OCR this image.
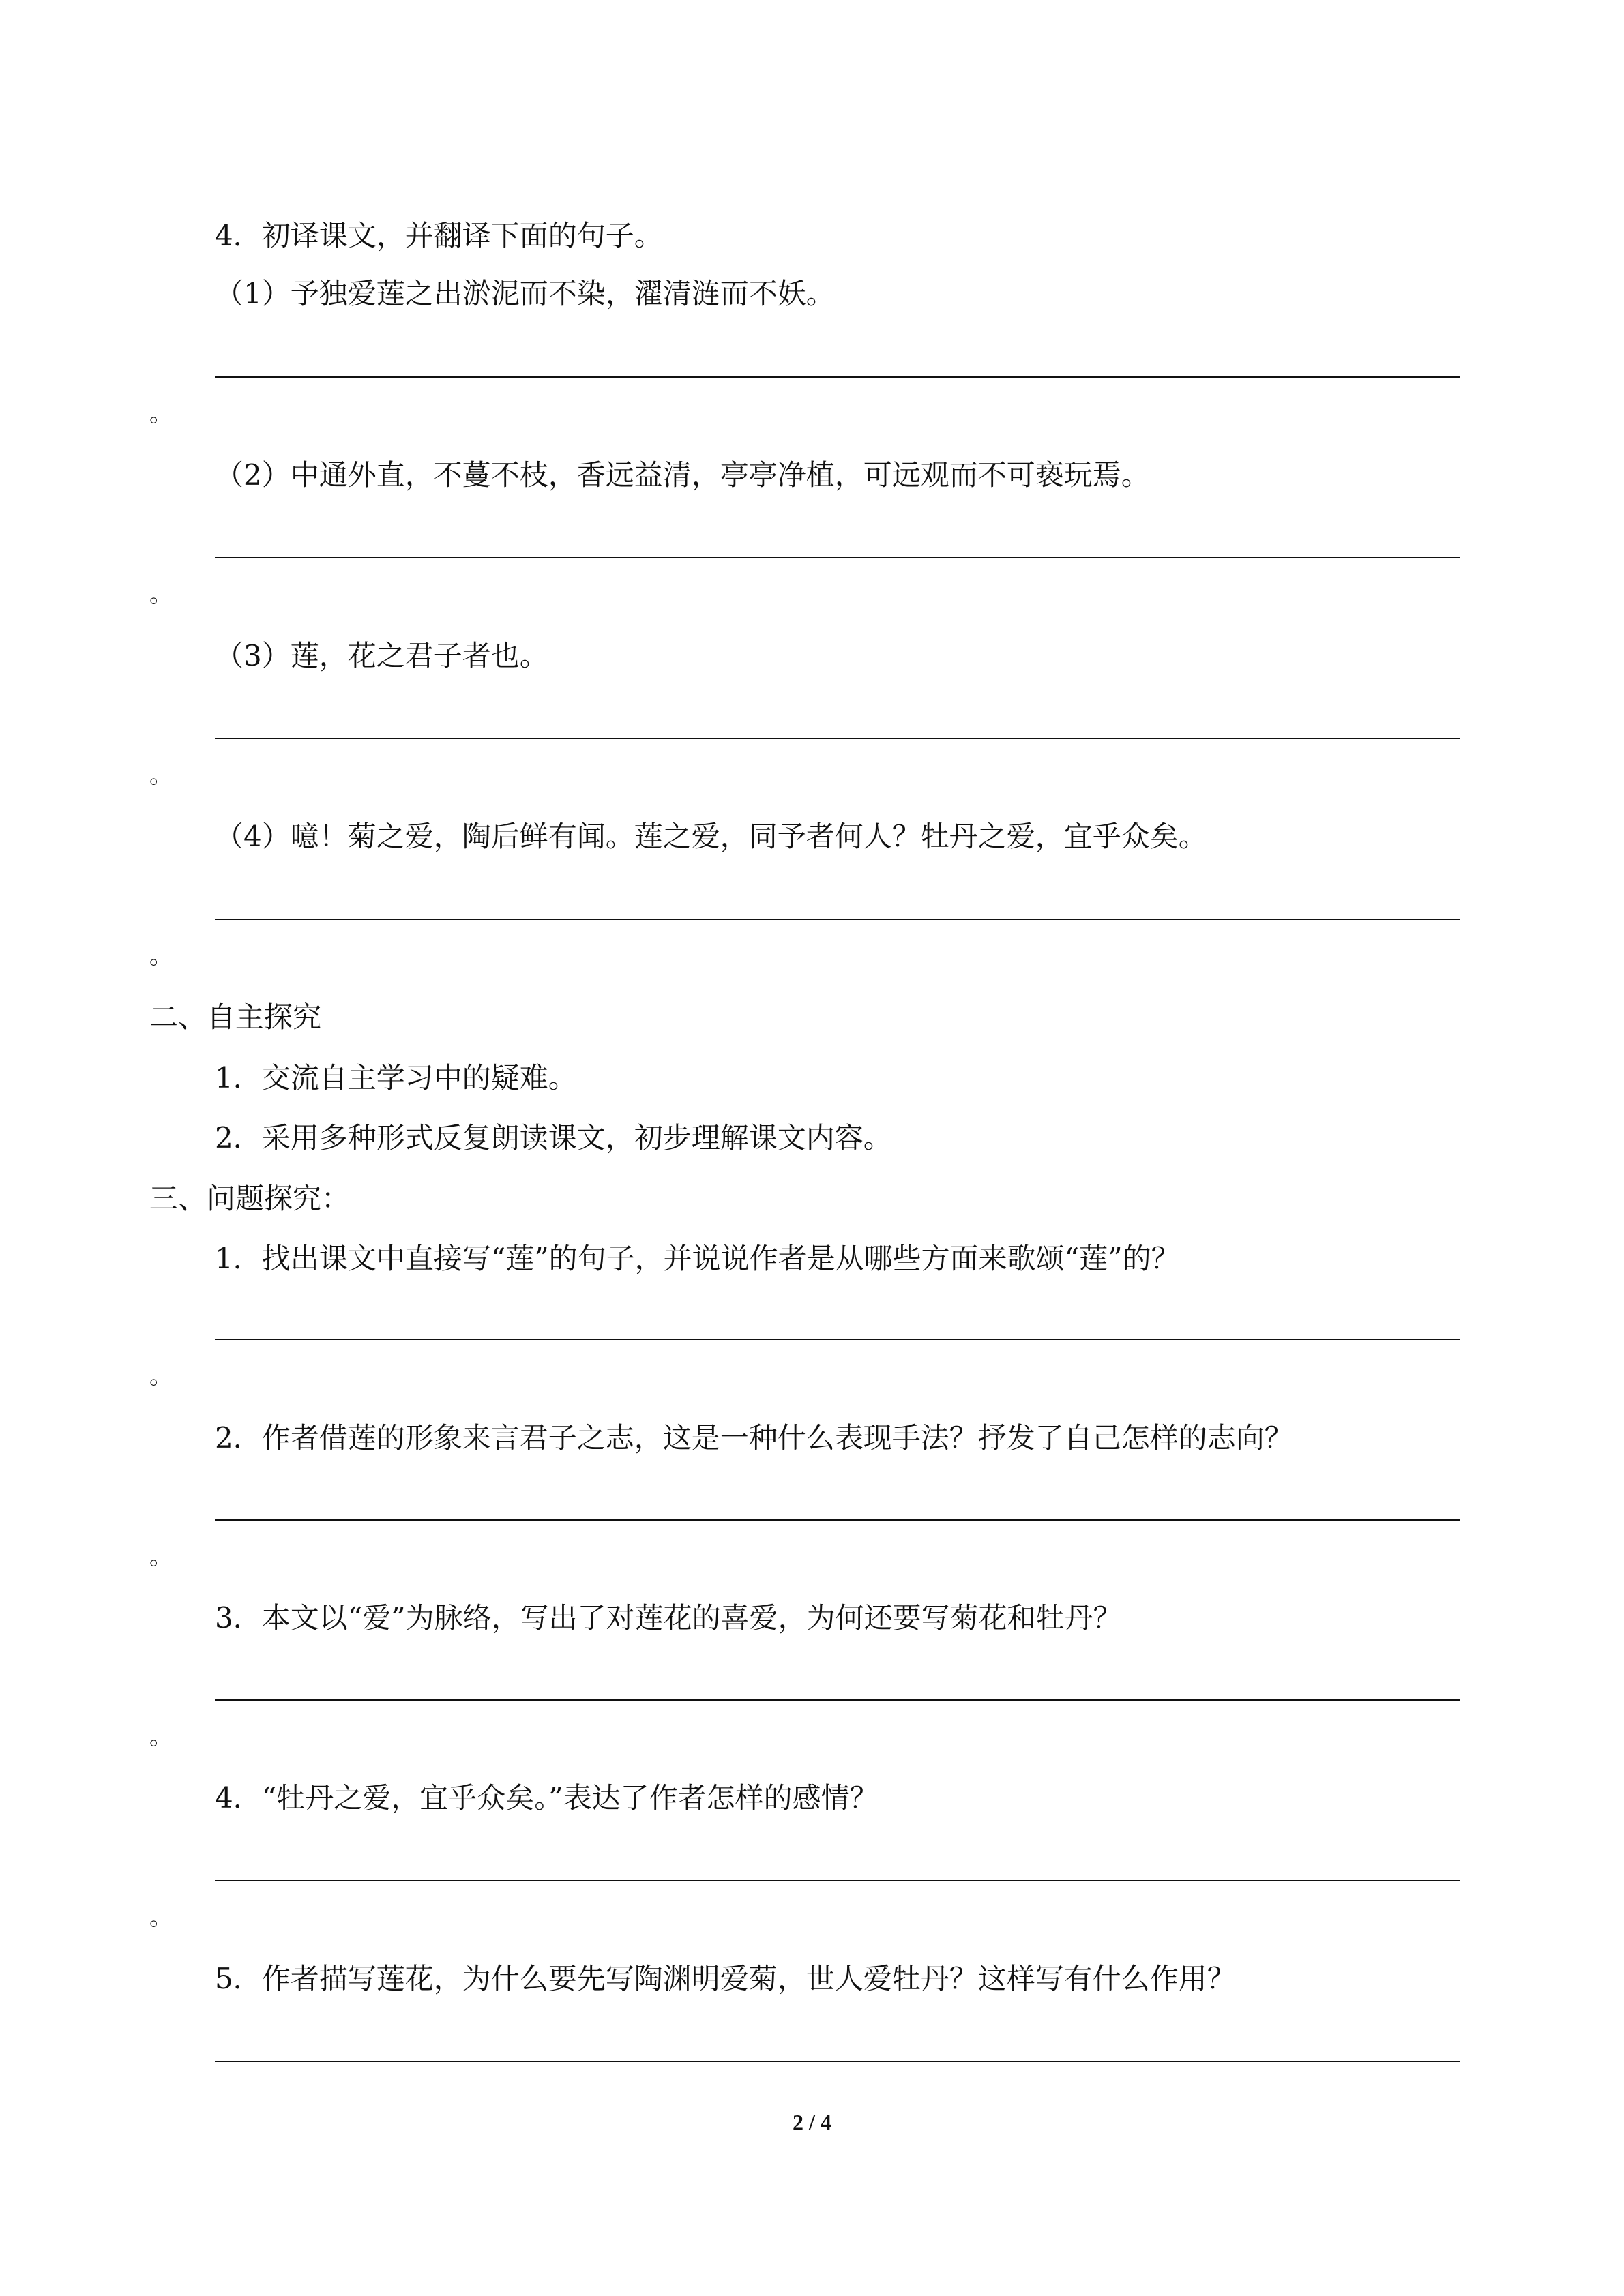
4．初译课文，并翻译下面的句子。
（1）予独爱莲之出淤泥而不染，濯清涟而不妖。
。
（2）中通外直，不蔓不枝，香远益清，亭亭净植，可远观而不可亵玩焉。
。
（3）莲，花之君子者也。
。
（4）噫！菊之爱，陶后鲜有闻。莲之爱，同予者何人？牡丹之爱，宜乎众矣。
。
二、自主探究
1．交流自主学习中的疑难。
2．采用多种形式反复朗读课文，初步理解课文内容。
三、问题探究：
1．找出课文中直接写“莲”的句子，并说说作者是从哪些方面来歌颂“莲”的？
。
2．作者借莲的形象来言君子之志，这是一种什么表现手法？抒发了自己怎样的志向？
。
3．本文以“爱”为脉络，写出了对莲花的喜爱，为何还要写菊花和牡丹？
。
4．“牡丹之爱，宜乎众矣。”表达了作者怎样的感情？
。
5．作者描写莲花，为什么要先写陶渊明爱菊，世人爱牡丹？这样写有什么作用？
2 / 4
